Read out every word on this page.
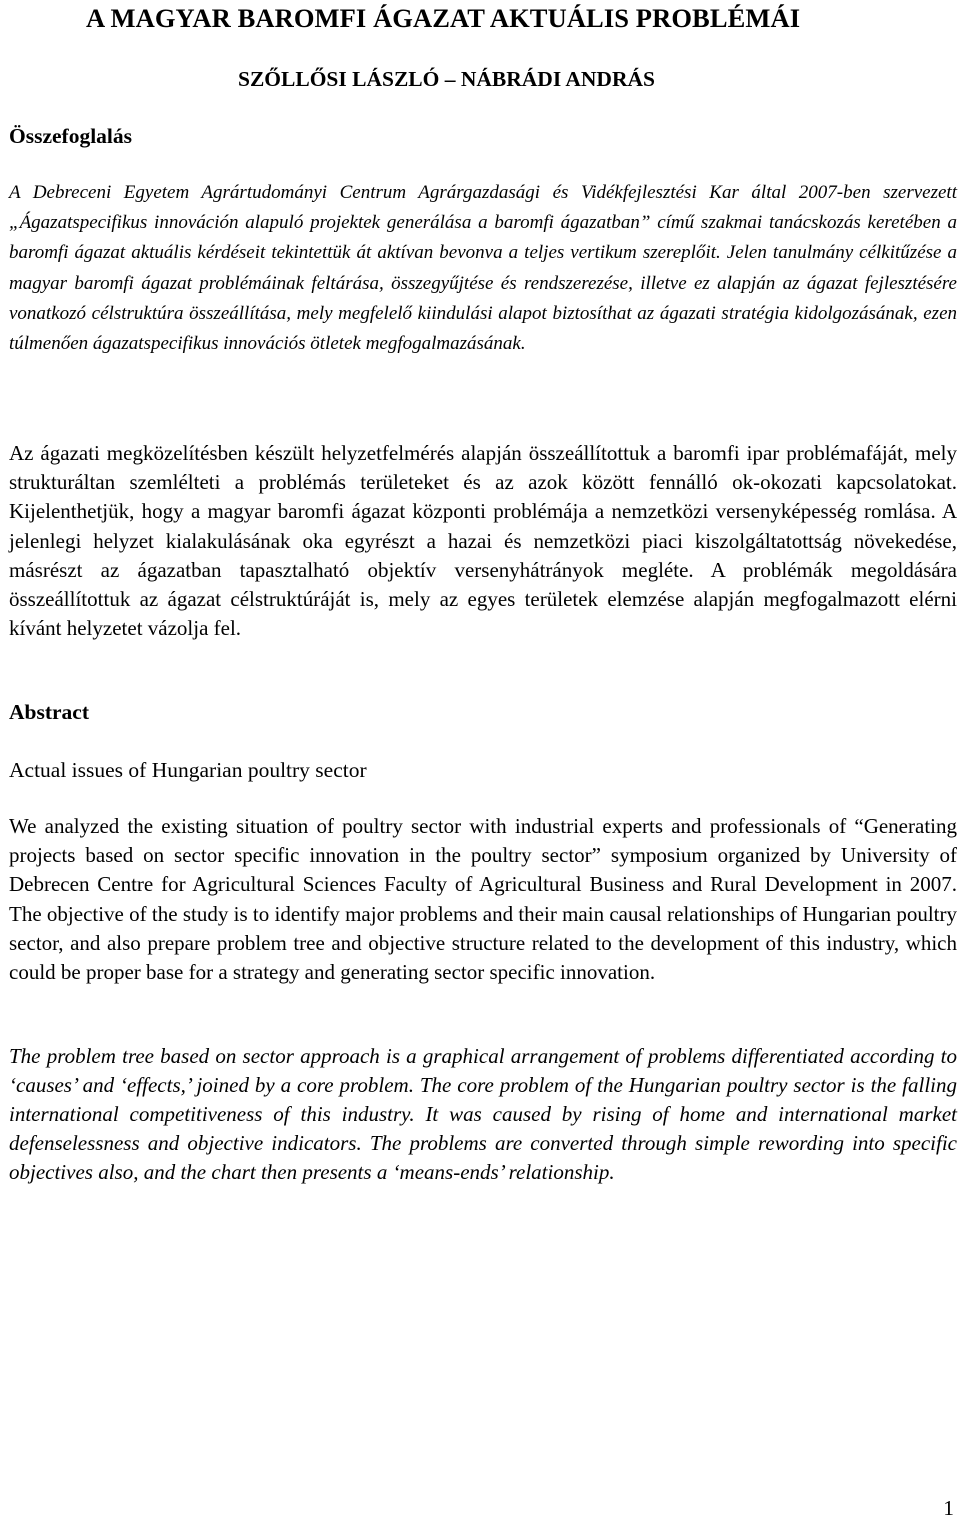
A MAGYAR BAROMFI ÁGAZAT AKTUÁLIS PROBLÉMÁI

SZŐLLŐSI LÁSZLÓ – NÁBRÁDI ANDRÁS

Összefoglalás

A Debreceni Egyetem Agrártudományi Centrum Agrárgazdasági és Vidékfejlesztési Kar által 2007-ben szervezett „Ágazatspecifikus innováción alapuló projektek generálása a baromfi ágazatban” című szakmai tanácskozás keretében a baromfi ágazat aktuális kérdéseit tekintettük át aktívan bevonva a teljes vertikum szereplőit. Jelen tanulmány célkitűzése a magyar baromfi ágazat problémáinak feltárása, összegyűjtése és rendszerezése, illetve ez alapján az ágazat fejlesztésére vonatkozó célstruktúra összeállítása, mely megfelelő kiindulási alapot biztosíthat az ágazati stratégia kidolgozásának, ezen túlmenően ágazatspecifikus innovációs ötletek megfogalmazásának.

Az ágazati megközelítésben készült helyzetfelmérés alapján összeállítottuk a baromfi ipar problémafáját, mely strukturáltan szemlélteti a problémás területeket és az azok között fennálló ok-okozati kapcsolatokat. Kijelenthetjük, hogy a magyar baromfi ágazat központi problémája a nemzetközi versenyképesség romlása. A jelenlegi helyzet kialakulásának oka egyrészt a hazai és nemzetközi piaci kiszolgáltatottság növekedése, másrészt az ágazatban tapasztalható objektív versenyhátrányok megléte. A problémák megoldására összeállítottuk az ágazat célstruktúráját is, mely az egyes területek elemzése alapján megfogalmazott elérni kívánt helyzetet vázolja fel.

Abstract

Actual issues of Hungarian poultry sector

We analyzed the existing situation of poultry sector with industrial experts and professionals of “Generating projects based on sector specific innovation in the poultry sector” symposium organized by University of Debrecen Centre for Agricultural Sciences Faculty of Agricultural Business and Rural Development in 2007. The objective of the study is to identify major problems and their main causal relationships of Hungarian poultry sector, and also prepare problem tree and objective structure related to the development of this industry, which could be proper base for a strategy and generating sector specific innovation.

The problem tree based on sector approach is a graphical arrangement of problems differentiated according to ‘causes’ and ‘effects,’ joined by a core problem. The core problem of the Hungarian poultry sector is the falling international competitiveness of this industry. It was caused by rising of home and international market defenselessness and objective indicators. The problems are converted through simple rewording into specific objectives also, and the chart then presents a ‘means-ends’ relationship.

1
